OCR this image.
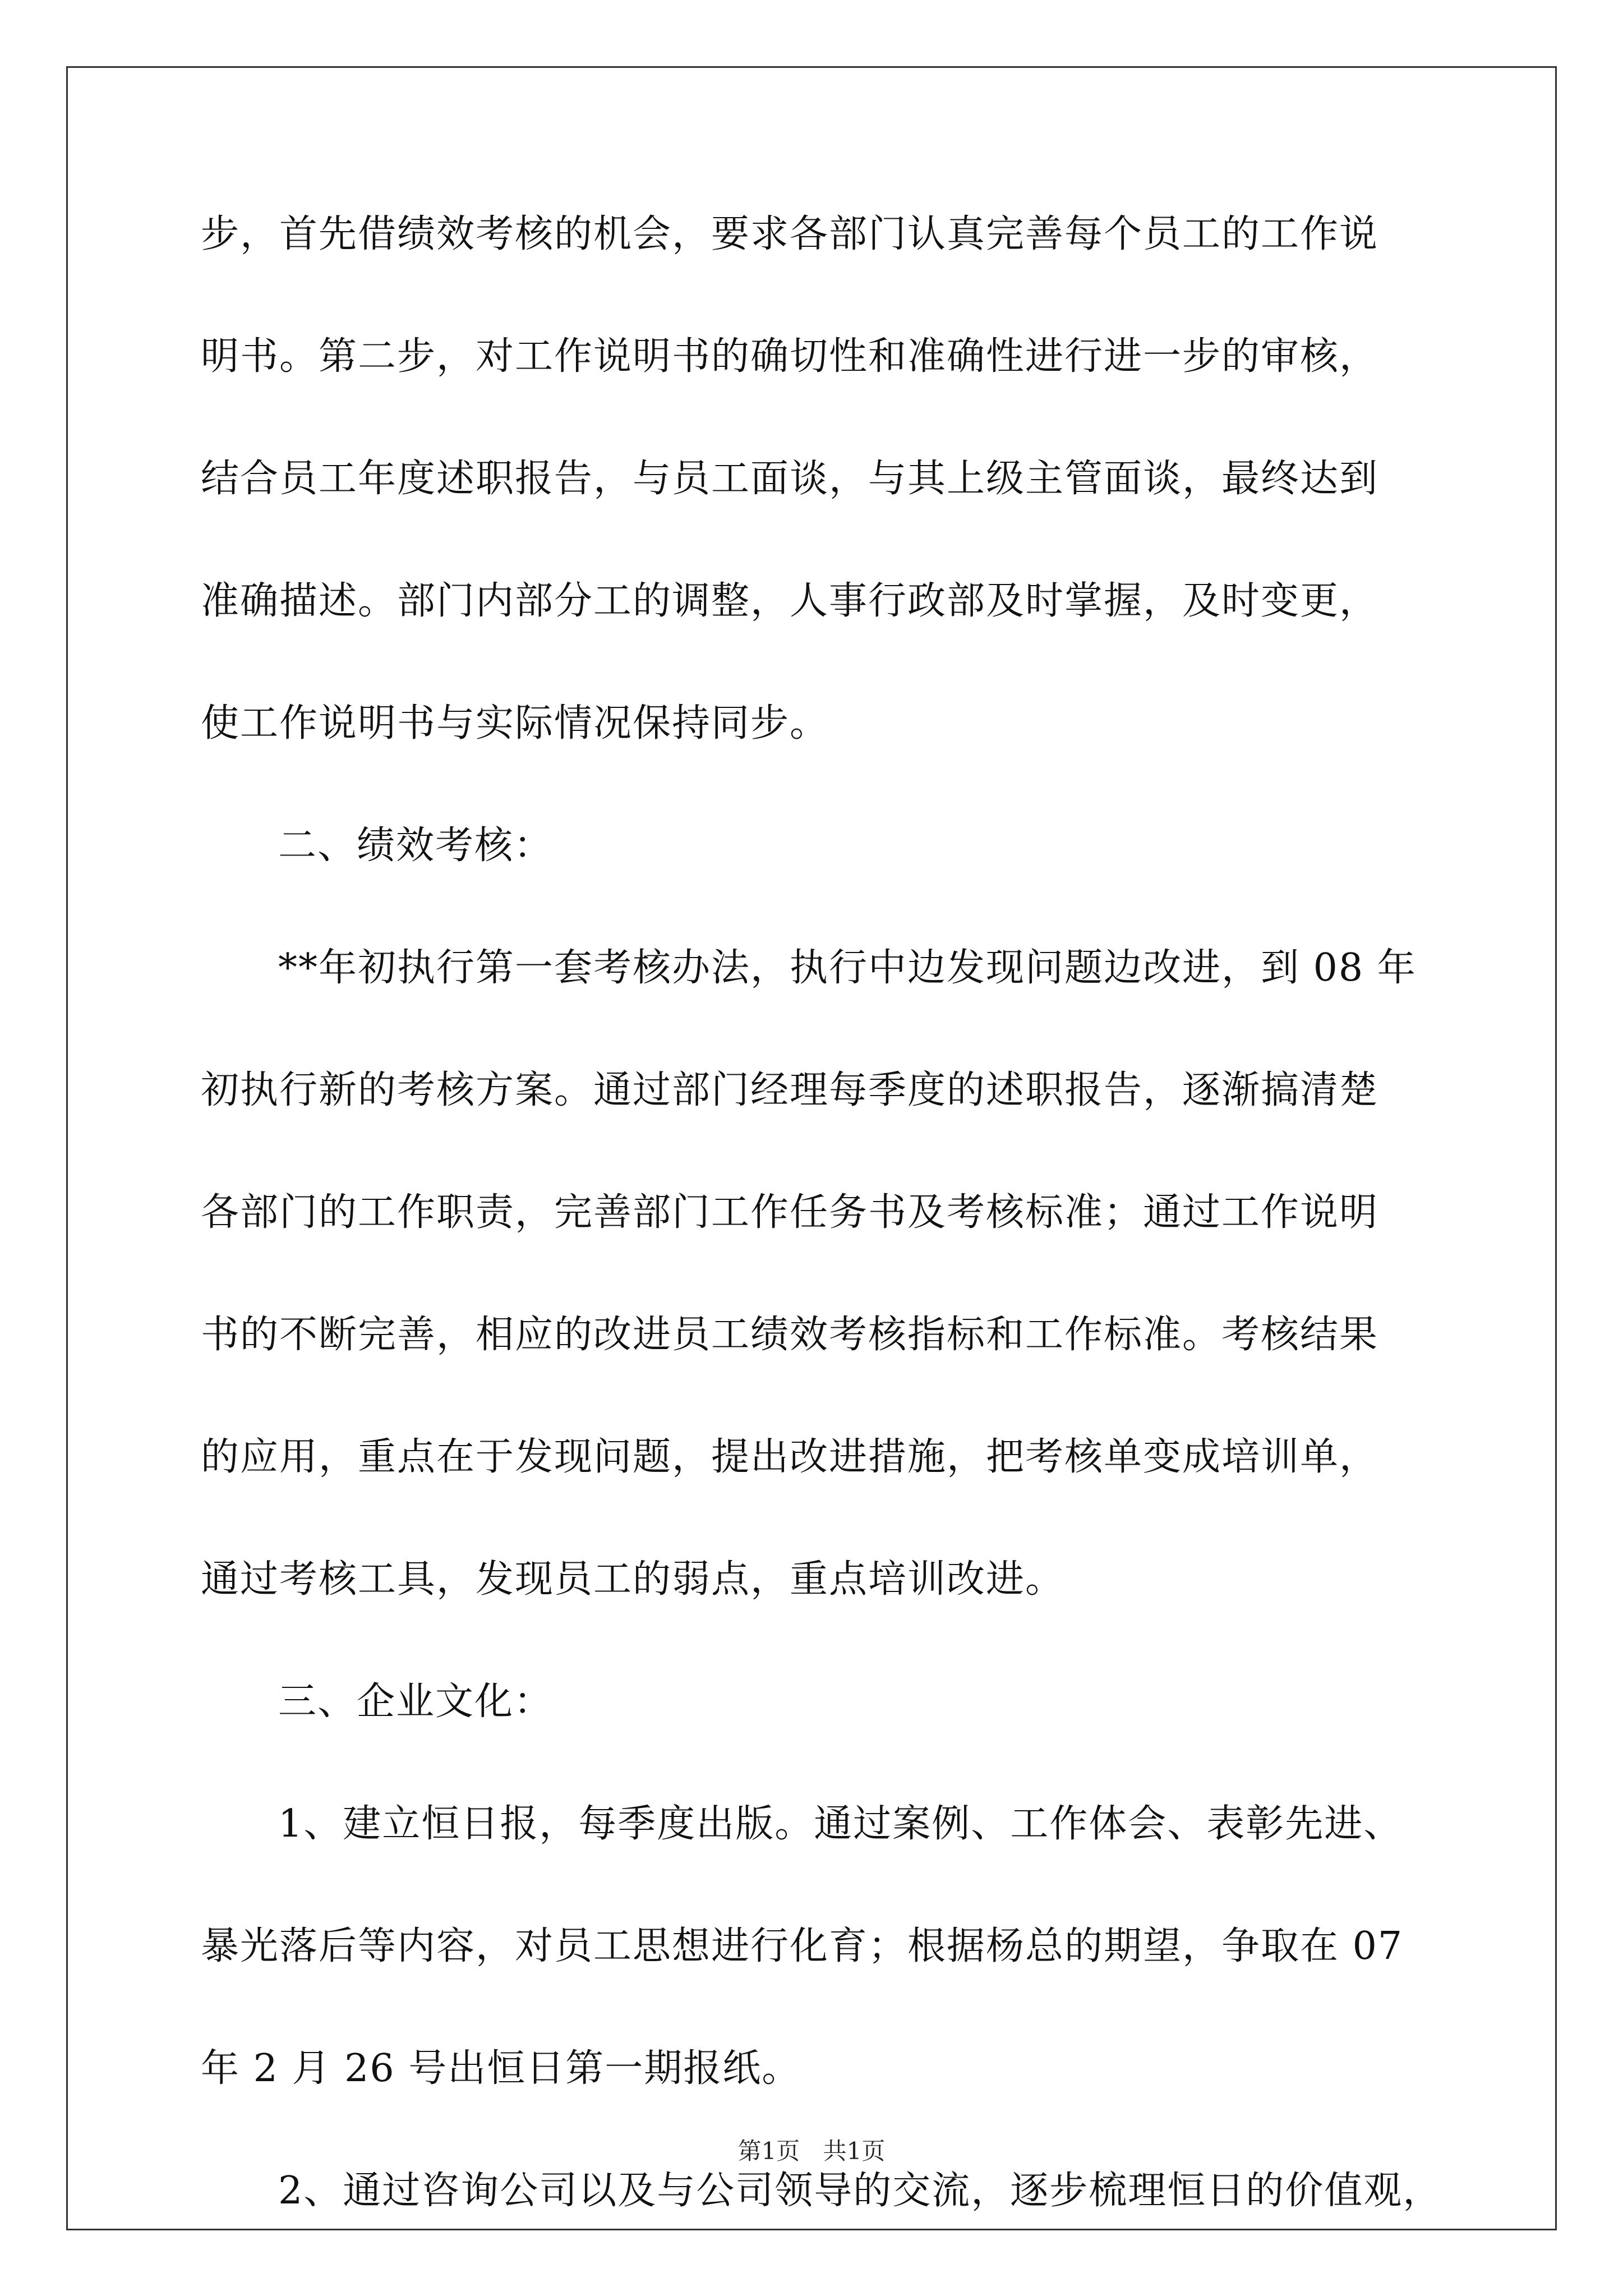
步，首先借绩效考核的机会，要求各部门认真完善每个员工的工作说
明书。第二步，对工作说明书的确切性和准确性进行进一步的审核，
结合员工年度述职报告，与员工面谈，与其上级主管面谈，最终达到
准确描述。部门内部分工的调整，人事行政部及时掌握，及时变更，
使工作说明书与实际情况保持同步。
二、绩效考核：
**年初执行第一套考核办法，执行中边发现问题边改进，到 08 年
初执行新的考核方案。通过部门经理每季度的述职报告，逐渐搞清楚
各部门的工作职责，完善部门工作任务书及考核标准；通过工作说明
书的不断完善，相应的改进员工绩效考核指标和工作标准。考核结果
的应用，重点在于发现问题，提出改进措施，把考核单变成培训单，
通过考核工具，发现员工的弱点，重点培训改进。
三、企业文化：
1、建立恒日报，每季度出版。通过案例、工作体会、表彰先进、
暴光落后等内容，对员工思想进行化育；根据杨总的期望，争取在 07
年 2 月 26 号出恒日第一期报纸。
2、通过咨询公司以及与公司领导的交流，逐步梳理恒日的价值观，
第1页 共1页
